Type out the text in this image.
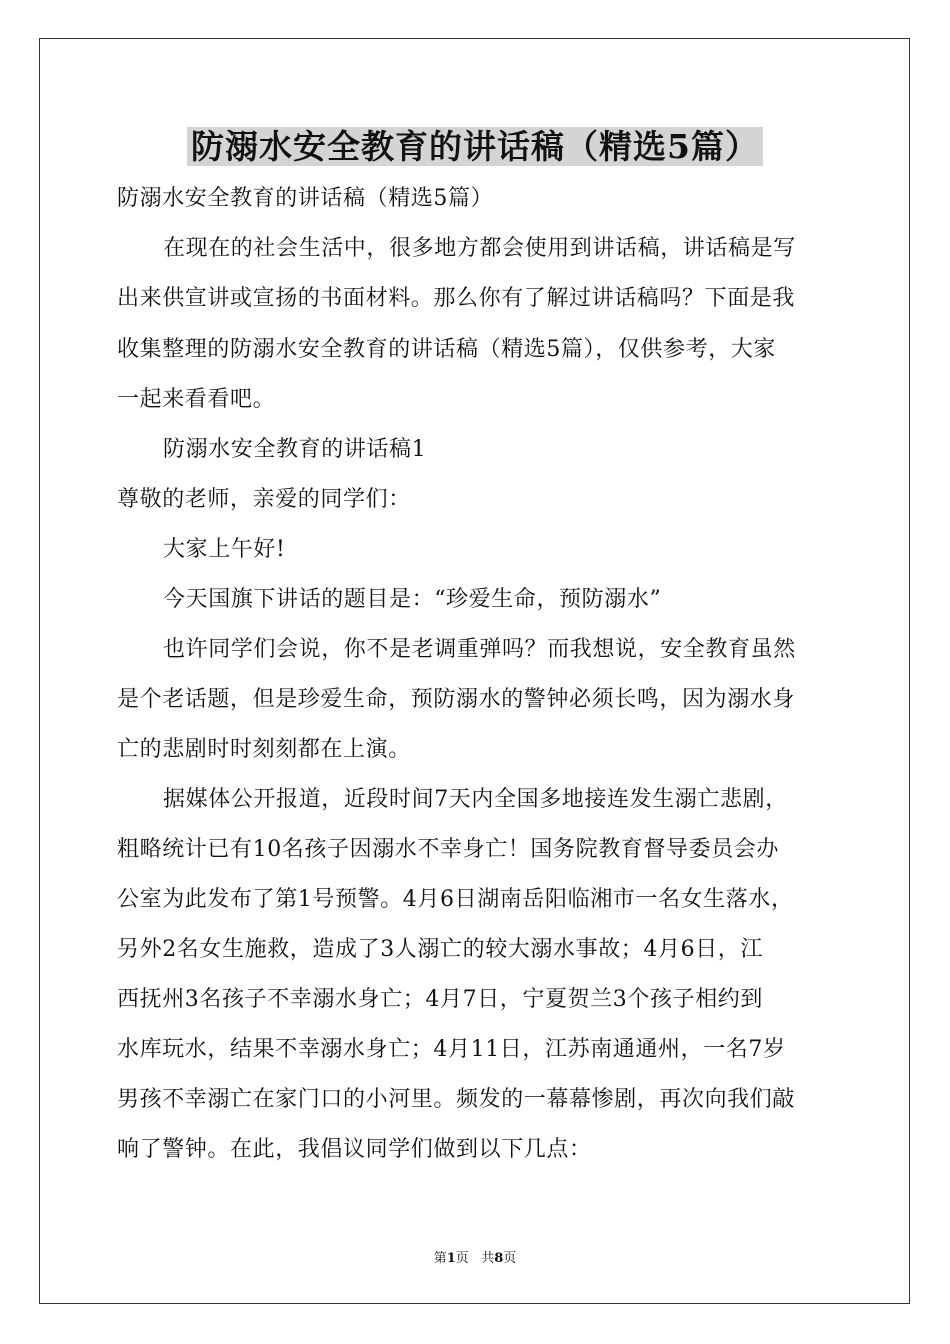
防溺水安全教育的讲话稿（精选5篇）

防溺水安全教育的讲话稿（精选5篇）

在现在的社会生活中，很多地方都会使用到讲话稿，讲话稿是写

出来供宣讲或宣扬的书面材料。那么你有了解过讲话稿吗？下面是我

收集整理的防溺水安全教育的讲话稿（精选5篇），仅供参考，大家

一起来看看吧。

防溺水安全教育的讲话稿1

尊敬的老师，亲爱的同学们：

大家上午好!

今天国旗下讲话的题目是：“珍爱生命，预防溺水”

也许同学们会说，你不是老调重弹吗？而我想说，安全教育虽然

是个老话题，但是珍爱生命，预防溺水的警钟必须长鸣，因为溺水身

亡的悲剧时时刻刻都在上演。

据媒体公开报道，近段时间7天内全国多地接连发生溺亡悲剧，

粗略统计已有10名孩子因溺水不幸身亡！国务院教育督导委员会办

公室为此发布了第1号预警。4月6日湖南岳阳临湘市一名女生落水，

另外2名女生施救，造成了3人溺亡的较大溺水事故；4月6日，江

西抚州3名孩子不幸溺水身亡；4月7日，宁夏贺兰3个孩子相约到

水库玩水，结果不幸溺水身亡；4月11日，江苏南通通州，一名7岁

男孩不幸溺亡在家门口的小河里。频发的一幕幕惨剧，再次向我们敲

响了警钟。在此，我倡议同学们做到以下几点：

第1页 共8页
